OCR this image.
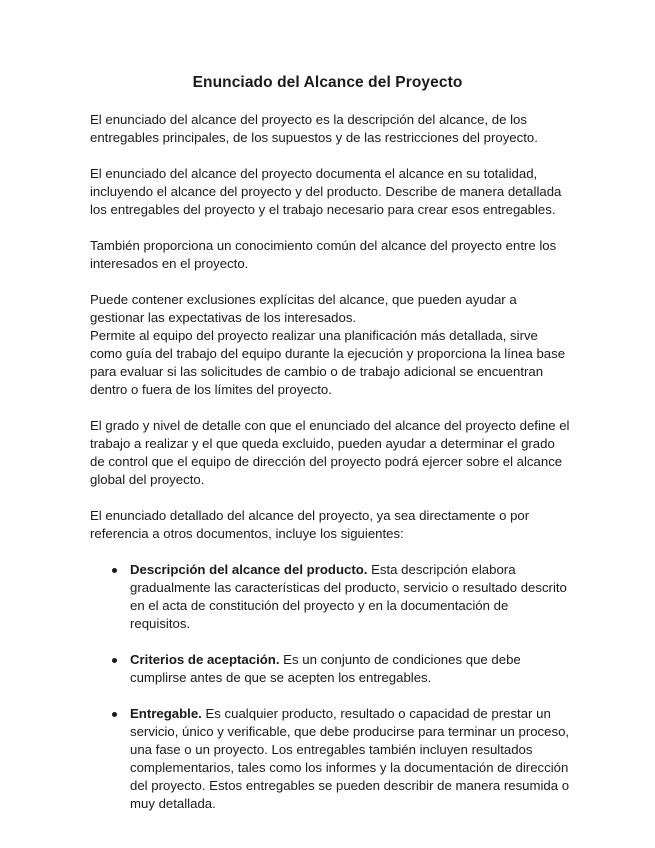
Enunciado del Alcance del Proyecto

El enunciado del alcance del proyecto es la descripción del alcance, de los entregables principales, de los supuestos y de las restricciones del proyecto.

El enunciado del alcance del proyecto documenta el alcance en su totalidad, incluyendo el alcance del proyecto y del producto. Describe de manera detallada los entregables del proyecto y el trabajo necesario para crear esos entregables.

También proporciona un conocimiento común del alcance del proyecto entre los interesados en el proyecto.

Puede contener exclusiones explícitas del alcance, que pueden ayudar a gestionar las expectativas de los interesados.

Permite al equipo del proyecto realizar una planificación más detallada, sirve como guía del trabajo del equipo durante la ejecución y proporciona la línea base para evaluar si las solicitudes de cambio o de trabajo adicional se encuentran dentro o fuera de los límites del proyecto.

El grado y nivel de detalle con que el enunciado del alcance del proyecto define el trabajo a realizar y el que queda excluido, pueden ayudar a determinar el grado de control que el equipo de dirección del proyecto podrá ejercer sobre el alcance global del proyecto.

El enunciado detallado del alcance del proyecto, ya sea directamente o por referencia a otros documentos, incluye los siguientes:

Descripción del alcance del producto. Esta descripción elabora gradualmente las características del producto, servicio o resultado descrito en el acta de constitución del proyecto y en la documentación de requisitos.
Criterios de aceptación. Es un conjunto de condiciones que debe cumplirse antes de que se acepten los entregables.
Entregable. Es cualquier producto, resultado o capacidad de prestar un servicio, único y verificable, que debe producirse para terminar un proceso, una fase o un proyecto. Los entregables también incluyen resultados complementarios, tales como los informes y la documentación de dirección del proyecto. Estos entregables se pueden describir de manera resumida o muy detallada.
